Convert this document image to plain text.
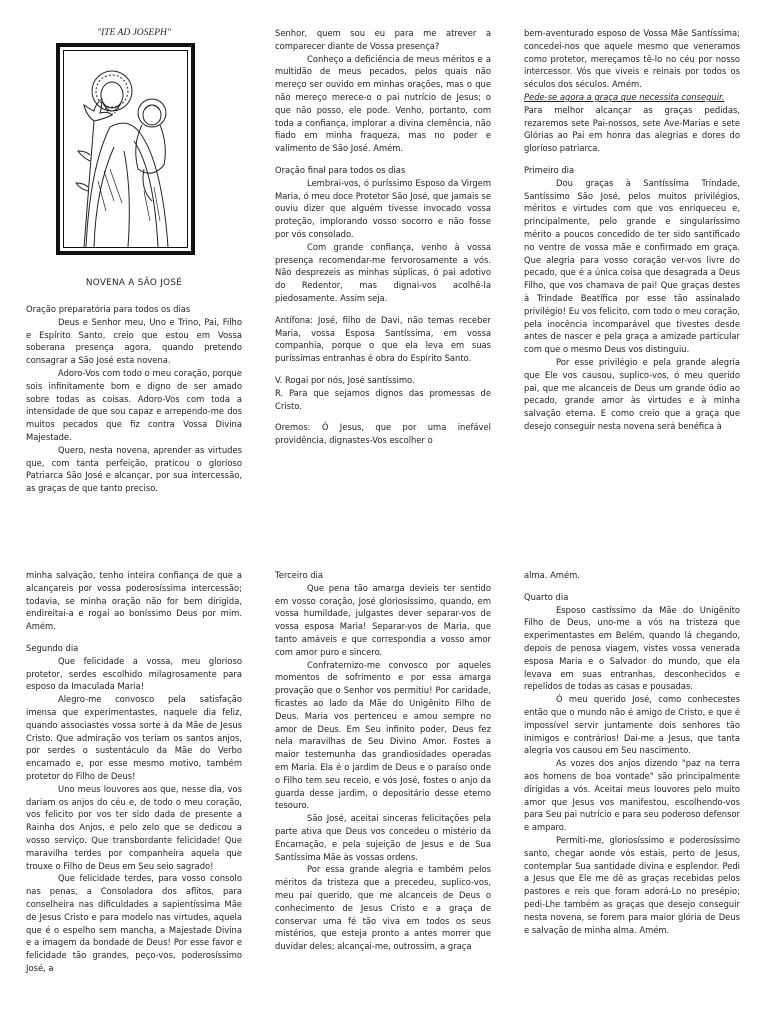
"ITE AD JOSEPH"

NOVENA A SÃO JOSÉ

Oração preparatória para todos os dias

Deus e Senhor meu, Uno e Trino, Pai, Filho e Espírito Santo, creio que estou em Vossa soberana presença agora, quando pretendo consagrar a São José esta novena.

Adoro-Vos com todo o meu coração, porque sois infinitamente bom e digno de ser amado sobre todas as coisas. Adoro-Vos com toda a intensidade de que sou capaz e arrependo-me dos muitos pecados que fiz contra Vossa Divina Majestade.

Quero, nesta novena, aprender as virtudes que, com tanta perfeição, praticou o glorioso Patriarca São José e alcançar, por sua intercessão, as graças de que tanto preciso.

Senhor, quem sou eu para me atrever a comparecer diante de Vossa presença?

Conheço a deficiência de meus méritos e a multidão de meus pecados, pelos quais não mereço ser ouvido em minhas orações, mas o que não mereço merece-o o pai nutrício de Jesus; o que não posso, ele pode. Venho, portanto, com toda a confiança, implorar a divina clemência, não fiado em minha fraqueza, mas no poder e valimento de São José. Amém.

Oração final para todos os dias

Lembrai-vos, ó puríssimo Esposo da Virgem Maria, ó meu doce Protetor São José, que jamais se ouviu dizer que alguém tivesse invocado vossa proteção, implorando vosso socorro e não fosse por vós consolado.

Com grande confiança, venho à vossa presença recomendar-me fervorosamente a vós. Não desprezeis as minhas súplicas, ó pai adotivo do Redentor, mas dignai-vos acolhê-la piedosamente. Assim seja.

Antífona: José, filho de Davi, não temas receber Maria, vossa Esposa Santíssima, em vossa companhia, porque o que ela leva em suas puríssimas entranhas é obra do Espírito Santo.

V. Rogai por nós, José santíssimo.

R. Para que sejamos dignos das promessas de Cristo.

Oremos: Ó Jesus, que por uma inefável providência, dignastes-Vos escolher o

bem-aventurado esposo de Vossa Mãe Santíssima; concedei-nos que aquele mesmo que veneramos como protetor, mereçamos tê-lo no céu por nosso intercessor. Vós que viveis e reinais por todos os séculos dos séculos. Amém.

Pede-se agora a graça que necessita conseguir.

Para melhor alcançar as graças pedidas, rezaremos sete Pai-nossos, sete Ave-Marias e sete Glórias ao Pai em honra das alegrias e dores do glorioso patriarca.

Primeiro dia

Dou graças à Santíssima Trindade, Santíssimo São José, pelos muitos privilégios, méritos e virtudes com que vos enriqueceu e, principalmente, pelo grande e singularíssimo mérito a poucos concedido de ter sido santificado no ventre de vossa mãe e confirmado em graça. Que alegria para vosso coração ver-vos livre do pecado, que é a única coisa que desagrada a Deus Filho, que vos chamava de pai! Que graças destes à Trindade Beatífica por esse tão assinalado privilégio! Eu vos felicito, com todo o meu coração, pela inocência incomparável que tivestes desde antes de nascer e pela graça a amizade particular com que o mesmo Deus vos distinguiu.

Por esse privilégio e pela grande alegria que Ele vos causou, suplico-vos, ó meu querido pai, que me alcanceis de Deus um grande ódio ao pecado, grande amor às virtudes e à minha salvação eterna. E como creio que a graça que desejo conseguir nesta novena será benéfica à

minha salvação, tenho inteira confiança de que a alcançareis por vossa poderosíssima intercessão; todavia, se minha oração não for bem dirigida, endireitai-a e rogai ao boníssimo Deus por mim. Amém.

Segundo dia

Que felicidade a vossa, meu glorioso protetor, serdes escolhido milagrosamente para esposo da Imaculada Maria!

Alegro-me convosco pela satisfação imensa que experimentastes, naquele dia feliz, quando associastes vossa sorte à da Mãe de Jesus Cristo. Que admiração vos teriam os santos anjos, por serdes o sustentáculo da Mãe do Verbo encarnado e, por esse mesmo motivo, também protetor do Filho de Deus!

Uno meus louvores aos que, nesse dia, vos dariam os anjos do céu e, de todo o meu coração, vos felicito por vos ter sido dada de presente a Rainha dos Anjos, e pelo zelo que se dedicou a vosso serviço. Que transbordante felicidade! Que maravilha terdes por companheira aquela que trouxe o Filho de Deus em Seu seio sagrado!

Que felicidade terdes, para vosso consolo nas penas, a Consoladora dos aflitos, para conselheira nas dificuldades a sapientíssima Mãe de Jesus Cristo e para modelo nas virtudes, aquela que é o espelho sem mancha, a Majestade Divina e a imagem da bondade de Deus! Por esse favor e felicidade tão grandes, peço-vos, poderosíssimo José, a

Terceiro dia

Que pena tão amarga devieis ter sentido em vosso coração, José gloriosíssimo, quando, em vossa humildade, julgastes dever separar-vos de vossa esposa Maria! Separar-vos de Maria, que tanto amáveis e que correspondia a vosso amor com amor puro e sincero.

Confraternizo-me convosco por aqueles momentos de sofrimento e por essa amarga provação que o Senhor vos permitiu! Por caridade, ficastes ao lado da Mãe do Unigênito Filho de Deus. Maria vos pertenceu e amou sempre no amor de Deus. Em Seu infinito poder, Deus fez nela maravilhas de Seu Divino Amor. Fostes a maior testemunha das grandiosidades operadas em Maria. Ela é o jardim de Deus e o paraíso onde o Filho tem seu receio, e vós José, fostes o anjo da guarda desse jardim, o depositário desse eterno tesouro.

São José, aceitai sinceras felicitações pela parte ativa que Deus vos concedeu o mistério da Encarnação, e pela sujeição de Jesus e de Sua Santíssima Mãe às vossas ordens.

Por essa grande alegria e também pelos méritos da tristeza que a precedeu, suplico-vos, meu pai querido, que me alcanceis de Deus o conhecimento de Jesus Cristo e a graça de conservar uma fé tão viva em todos os seus mistérios, que esteja pronto a antes morrer que duvidar deles; alcançai-me, outrossim, a graça

alma. Amém.

Quarto dia

Esposo castíssimo da Mãe do Unigênito Filho de Deus, uno-me a vós na tristeza que experimentastes em Belém, quando lá chegando, depois de penosa viagem, vistes vossa venerada esposa Maria e o Salvador do mundo, que ela levava em suas entranhas, desconhecidos e repelidos de todas as casas e pousadas.

Ó meu querido José, como conhecestes então que o mundo não é amigo de Cristo, e que é impossível servir juntamente dois senhores tão inimigos e contrários! Dai-me a Jesus, que tanta alegria vos causou em Seu nascimento.

As vozes dos anjos dizendo "paz na terra aos homens de boa vontade" são principalmente dirigidas a vós. Aceitai meus louvores pelo muito amor que Jesus vos manifestou, escolhendo-vos para Seu pai nutrício e para seu poderoso defensor e amparo.

Permiti-me, gloriosíssimo e poderosíssimo santo, chegar aonde vós estais, perto de Jesus, contemplar Sua santidade divina e esplendor. Pedi a Jesus que Ele me dê as graças recebidas pelos pastores e reis que foram adorá-Lo no presépio; pedi-Lhe também as graças que desejo conseguir nesta novena, se forem para maior glória de Deus e salvação de minha alma. Amém.
